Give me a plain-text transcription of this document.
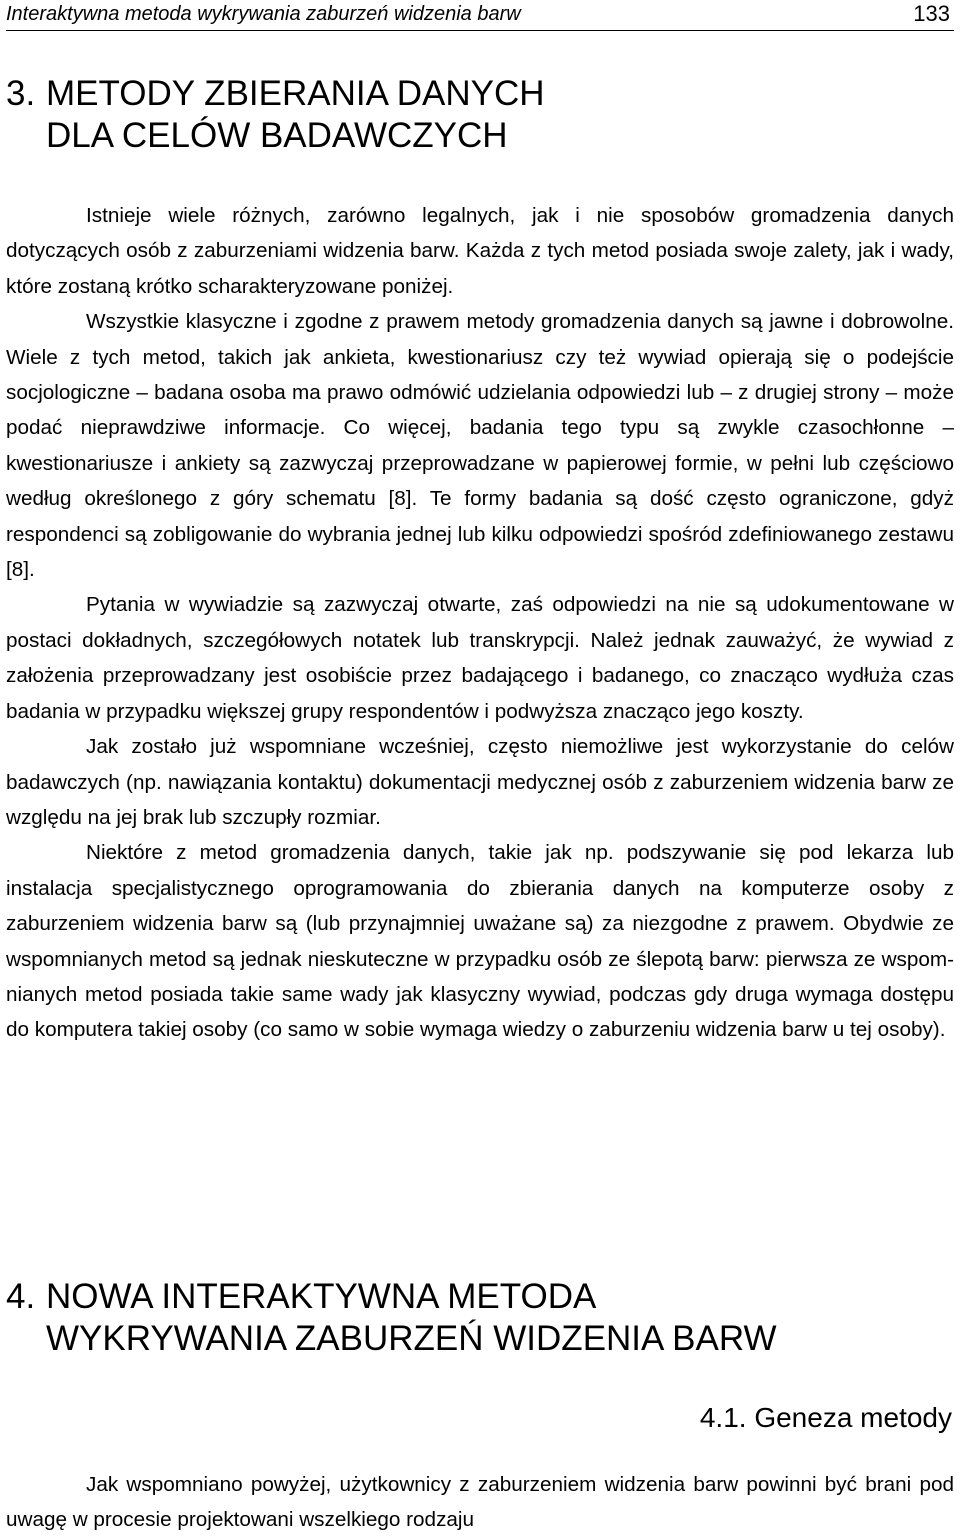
Interaktywna metoda wykrywania zaburzeń widzenia barw	133
3. METODY ZBIERANIA DANYCH
DLA CELÓW BADAWCZYCH

Istnieje wiele różnych, zarówno legalnych, jak i nie sposobów gromadzenia danych dotyczących osób z zaburzeniami widzenia barw. Każda z tych metod posiada swoje zalety, jak i wady, które zostaną krótko scharakteryzowane poniżej.

Wszystkie klasyczne i zgodne z prawem metody gromadzenia danych są jawne i dobrowolne. Wiele z tych metod, takich jak ankieta, kwestionariusz czy też wywiad opierają się o podejście socjologiczne – badana osoba ma prawo odmówić udzielania odpowiedzi lub – z drugiej strony – może podać nieprawdziwe informacje. Co więcej, badania tego typu są zwykle czasochłonne – kwestionariusze i ankiety są zazwyczaj przeprowadzane w papierowej formie, w pełni lub częściowo według określonego z góry schematu [8]. Te formy badania są dość często ograniczone, gdyż respondenci są zobligowanie do wybrania jednej lub kilku odpowiedzi spośród zdefiniowanego zestawu [8].

Pytania w wywiadzie są zazwyczaj otwarte, zaś odpowiedzi na nie są udokumentowane w postaci dokładnych, szczegółowych notatek lub transkrypcji. Należ jednak zauważyć, że wywiad z założenia przeprowadzany jest osobiście przez badającego i badanego, co znacząco wydłuża czas badania w przypadku większej grupy respondentów i podwyższa znacząco jego koszty.

Jak zostało już wspomniane wcześniej, często niemożliwe jest wykorzystanie do celów badawczych (np. nawiązania kontaktu) dokumentacji medycznej osób z zaburzeniem widzenia barw ze względu na jej brak lub szczupły rozmiar.

Niektóre z metod gromadzenia danych, takie jak np. podszywanie się pod lekarza lub instalacja specjalistycznego oprogramowania do zbierania danych na komputerze osoby z zaburzeniem widzenia barw są (lub przynajmniej uważane są) za niezgodne z prawem. Obydwie ze wspomnianych metod są jednak nieskuteczne w przypadku osób ze ślepotą barw: pierwsza ze wspomnianych metod posiada takie same wady jak klasyczny wywiad, podczas gdy druga wymaga dostępu do komputera takiej osoby (co samo w sobie wymaga wiedzy o zaburzeniu widzenia barw u tej osoby).

4. NOWA INTERAKTYWNA METODA
WYKRYWANIA ZABURZEŃ WIDZENIA BARW
4.1. Geneza metody

Jak wspomniano powyżej, użytkownicy z zaburzeniem widzenia barw powinni być brani pod uwagę w procesie projektowani wszelkiego rodzaju
